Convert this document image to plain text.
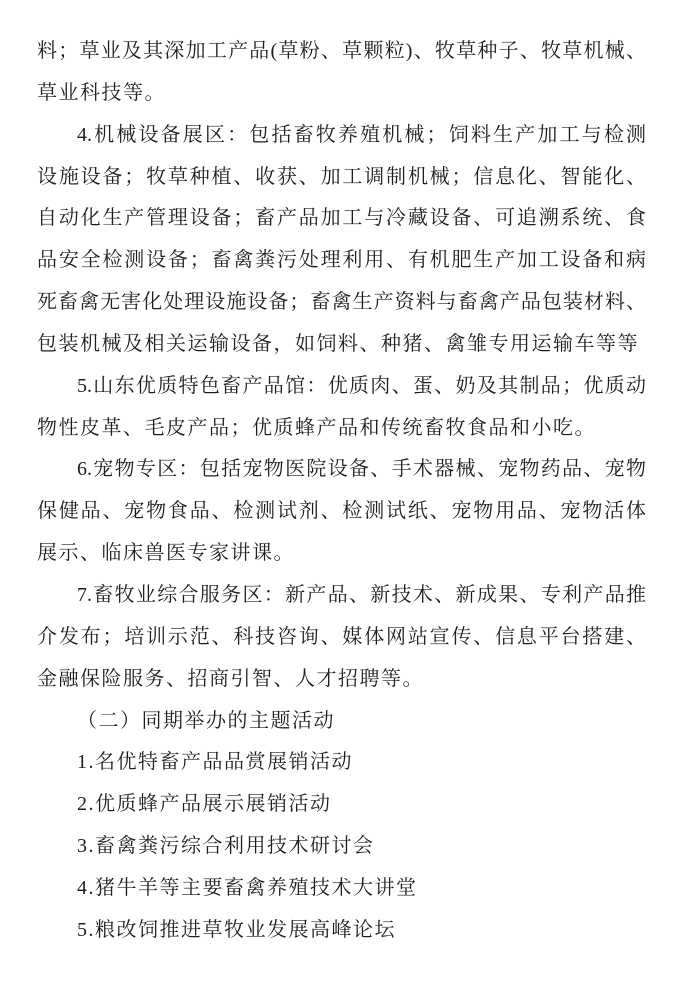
料；草业及其深加工产品(草粉、草颗粒)、牧草种子、牧草机械、
草业科技等。
4.机械设备展区：包括畜牧养殖机械；饲料生产加工与检测
设施设备；牧草种植、收获、加工调制机械；信息化、智能化、
自动化生产管理设备；畜产品加工与冷藏设备、可追溯系统、食
品安全检测设备；畜禽粪污处理利用、有机肥生产加工设备和病
死畜禽无害化处理设施设备；畜禽生产资料与畜禽产品包装材料、
包装机械及相关运输设备，如饲料、种猪、禽雏专用运输车等等
5.山东优质特色畜产品馆：优质肉、蛋、奶及其制品；优质动
物性皮革、毛皮产品；优质蜂产品和传统畜牧食品和小吃。
6.宠物专区：包括宠物医院设备、手术器械、宠物药品、宠物
保健品、宠物食品、检测试剂、检测试纸、宠物用品、宠物活体
展示、临床兽医专家讲课。
7.畜牧业综合服务区：新产品、新技术、新成果、专利产品推
介发布；培训示范、科技咨询、媒体网站宣传、信息平台搭建、
金融保险服务、招商引智、人才招聘等。
（二）同期举办的主题活动
1.名优特畜产品品赏展销活动
2.优质蜂产品展示展销活动
3.畜禽粪污综合利用技术研讨会
4.猪牛羊等主要畜禽养殖技术大讲堂
5.粮改饲推进草牧业发展高峰论坛
